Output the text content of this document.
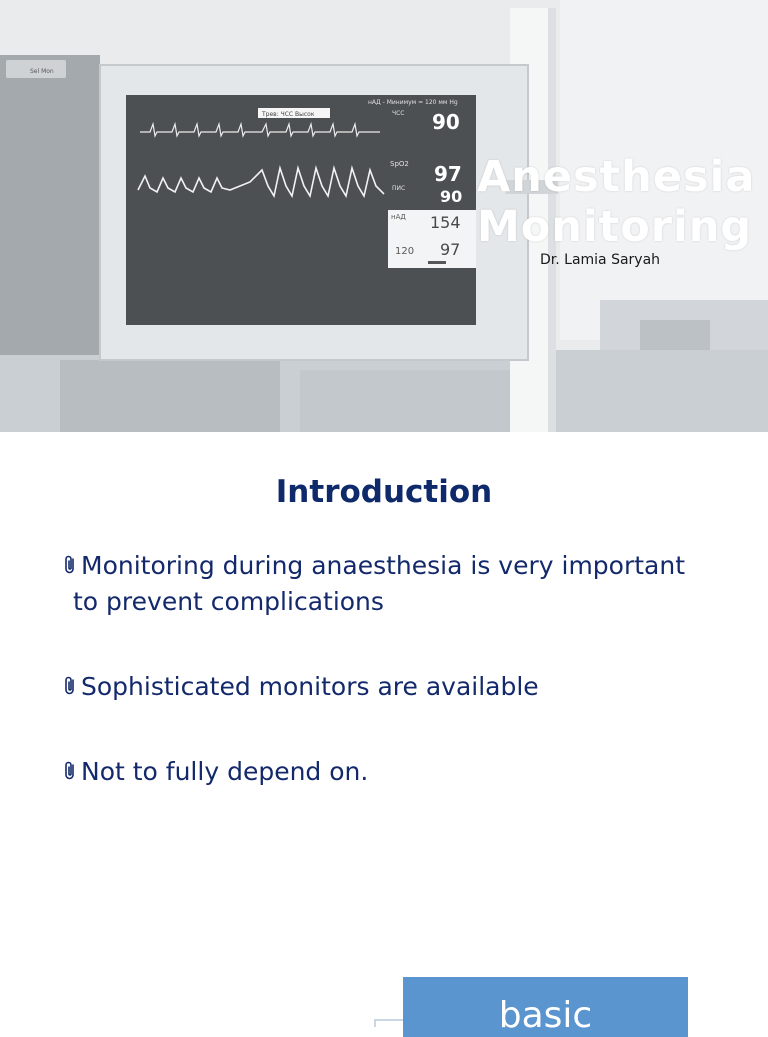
Sel Mon
Трев: ЧСС Высок
нАД - Минимум = 120 мм Hg
ЧСС 90
SpO2 97
ПИС 90
нАД 154
120 97
Anesthesia
Monitoring
Dr. Lamia Saryah
Introduction
Monitoring during anaesthesia is very important
to prevent complications
Sophisticated monitors are available
Not to fully depend on.
basic
